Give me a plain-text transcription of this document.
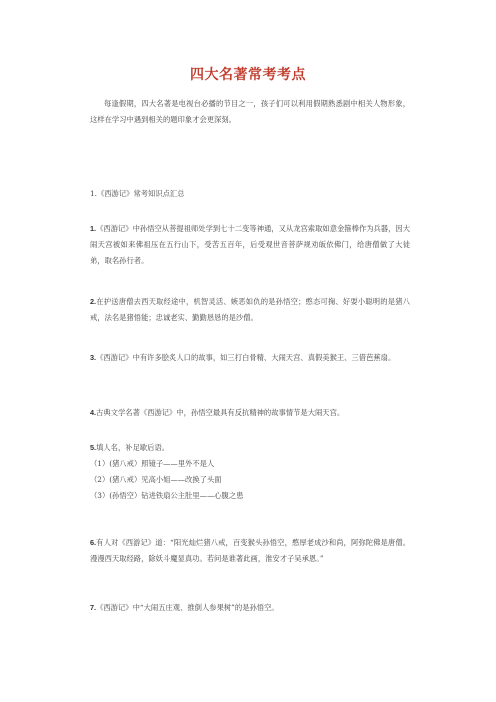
四大名著常考考点

每逢假期，四大名著是电视台必播的节目之一，孩子们可以利用假期熟悉剧中相关人物形象，这样在学习中遇到相关的题印象才会更深刻。

1.《西游记》常考知识点汇总

1.《西游记》中孙悟空从菩提祖师处学到七十二变等神通，又从龙宫索取如意金箍棒作为兵器，因大闹天宫被如来佛祖压在五行山下，受苦五百年，后受观世音菩萨规劝皈依佛门，给唐僧做了大徒弟，取名孙行者。

2.在护送唐僧去西天取经途中，机智灵活、嫉恶如仇的是孙悟空；憨态可掬、好耍小聪明的是猪八戒，法名是猪悟能；忠诚老实、勤勤恳恳的是沙僧。

3.《西游记》中有许多脍炙人口的故事，如三打白骨精、大闹天宫、真假美猴王、三借芭蕉扇。

4.古典文学名著《西游记》中，孙悟空最具有反抗精神的故事情节是大闹天宫。

5.填人名，补足歇后语。
（1）(猪八戒）照镜子——里外不是人
（2）(猪八戒）见高小姐——改换了头面
（3）(孙悟空）钻进铁扇公主肚里——心腹之患

6.有人对《西游记》道：“阳光灿烂猪八戒，百变猴头孙悟空，憨厚老成沙和尚，阿弥陀佛是唐僧。漫漫西天取经路，除妖斗魔显真功。若问是谁著此画，淮安才子吴承恩。”

7.《西游记》中“大闹五庄观、推倒人参果树”的是孙悟空。
